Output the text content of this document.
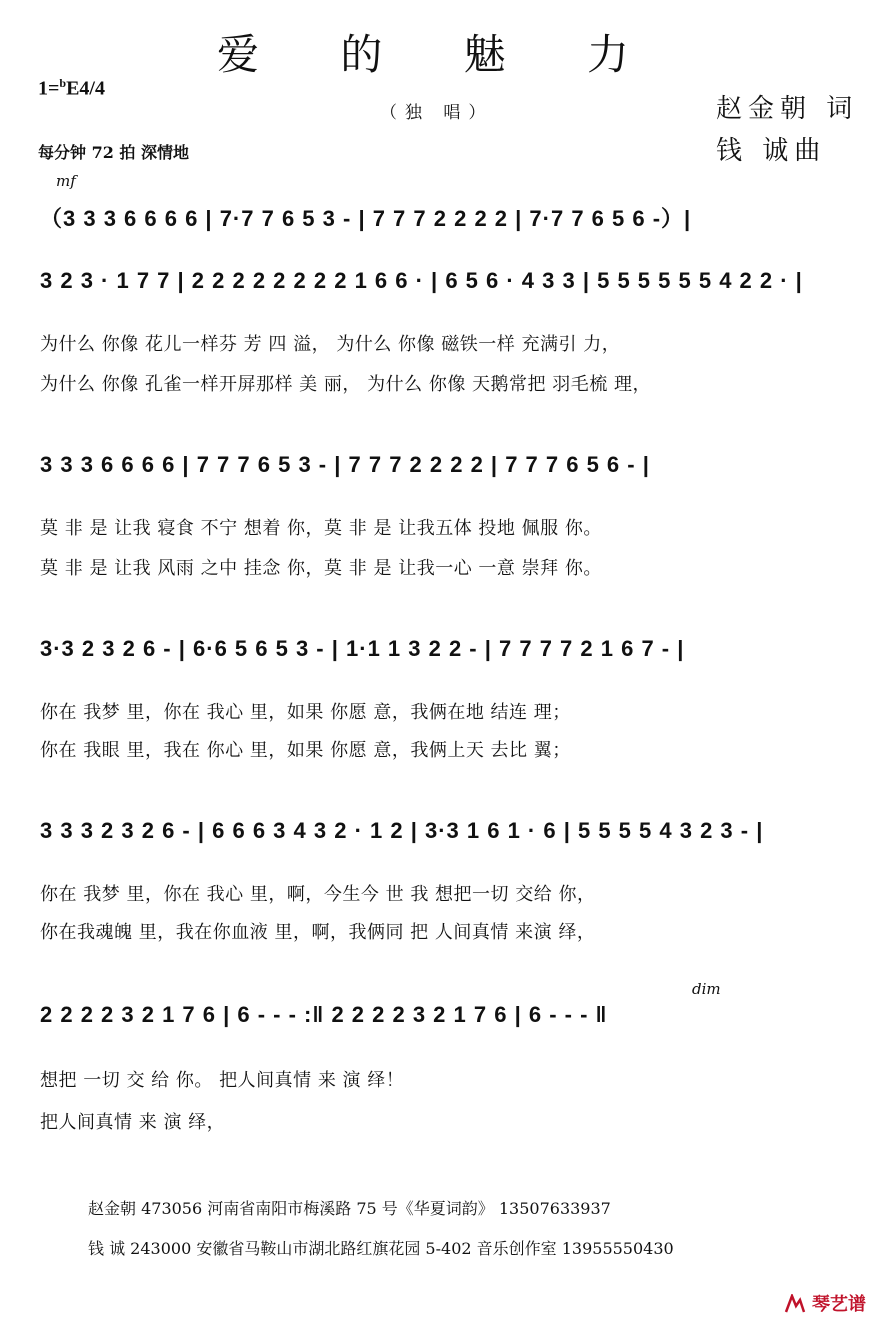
爱 的 魅 力
1=$^b$E4/4
（独 唱）	赵金朝 词
钱 诚曲
每分钟 72 拍 深情地
mf
dim
（3 3 3 6 6 6 6 | 7·7 7 6 5 3 - | 7 7 7 2 2 2 2 | 7·7 7 6 5 6 -）|
3 2 3 · 1 7 7 | 2 2 2 2 2 2 2 2 1 6 6 · | 6 5 6 · 4 3 3 | 5 5 5 5 5 5 4 2 2 · |
为什么 你像 花儿一样芬 芳 四 溢， 为什么 你像 磁铁一样 充满引 力，
为什么 你像 孔雀一样开屏那样 美 丽， 为什么 你像 天鹅常把 羽毛梳 理，
3 3 3 6 6 6 6 | 7 7 7 6 5 3 - | 7 7 7 2 2 2 2 | 7 7 7 6 5 6 - |
莫 非 是 让我 寝食 不宁 想着 你，莫 非 是 让我五体 投地 佩服 你。
莫 非 是 让我 风雨 之中 挂念 你，莫 非 是 让我一心 一意 崇拜 你。
3·3 2 3 2 6 - | 6·6 5 6 5 3 - | 1·1 1 3 2 2 - | 7 7 7 7 2 1 6 7 - |
你在 我梦 里，你在 我心 里，如果 你愿 意，我俩在地 结连 理；
你在 我眼 里，我在 你心 里，如果 你愿 意，我俩上天 去比 翼；
3 3 3 2 3 2 6 - | 6 6 6 3 4 3 2 · 1 2 | 3·3 1 6 1 · 6 | 5 5 5 5 4 3 2 3 - |
你在 我梦 里，你在 我心 里，啊，今生今 世 我 想把一切 交给 你，
你在我魂魄 里，我在你血液 里，啊，我俩同 把 人间真情 来演 绎，
2 2 2 2 3 2 1 7 6 | 6 - - - :‖ 2 2 2 2 3 2 1 7 6 | 6 - - - ‖
想把 一切 交 给 你。 把人间真情 来 演 绎！
把人间真情 来 演 绎，
赵金朝 473056 河南省南阳市梅溪路 75 号《华夏词韵》 13507633937
钱 诚 243000 安徽省马鞍山市湖北路红旗花园 5-402 音乐创作室 13955550430
琴艺谱
